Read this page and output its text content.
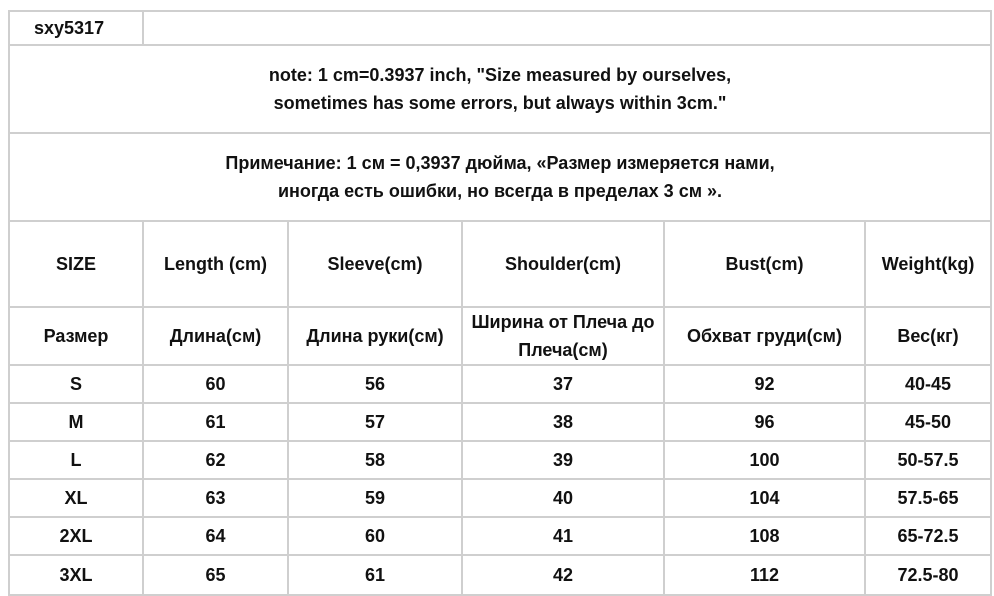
sxy5317					

note: 1 cm=0.3937 inch, "Size measured by ourselves,
sometimes has some errors, but always within 3cm."					

Примечание: 1 см = 0,3937 дюйма, «Размер измеряется нами,
иногда есть ошибки, но всегда в пределах 3 см ».					

SIZE	Length (cm)	Sleeve(cm)	Shoulder(cm)	Bust(cm)	Weight(kg)
Размер	Длина(см)	Длина руки(см)	Ширина от Плеча до Плеча(см)	Обхват груди(см)	Вес(кг)
S	60	56	37	92	40-45
M	61	57	38	96	45-50
L	62	58	39	100	50-57.5
XL	63	59	40	104	57.5-65
2XL	64	60	41	108	65-72.5
3XL	65	61	42	112	72.5-80
